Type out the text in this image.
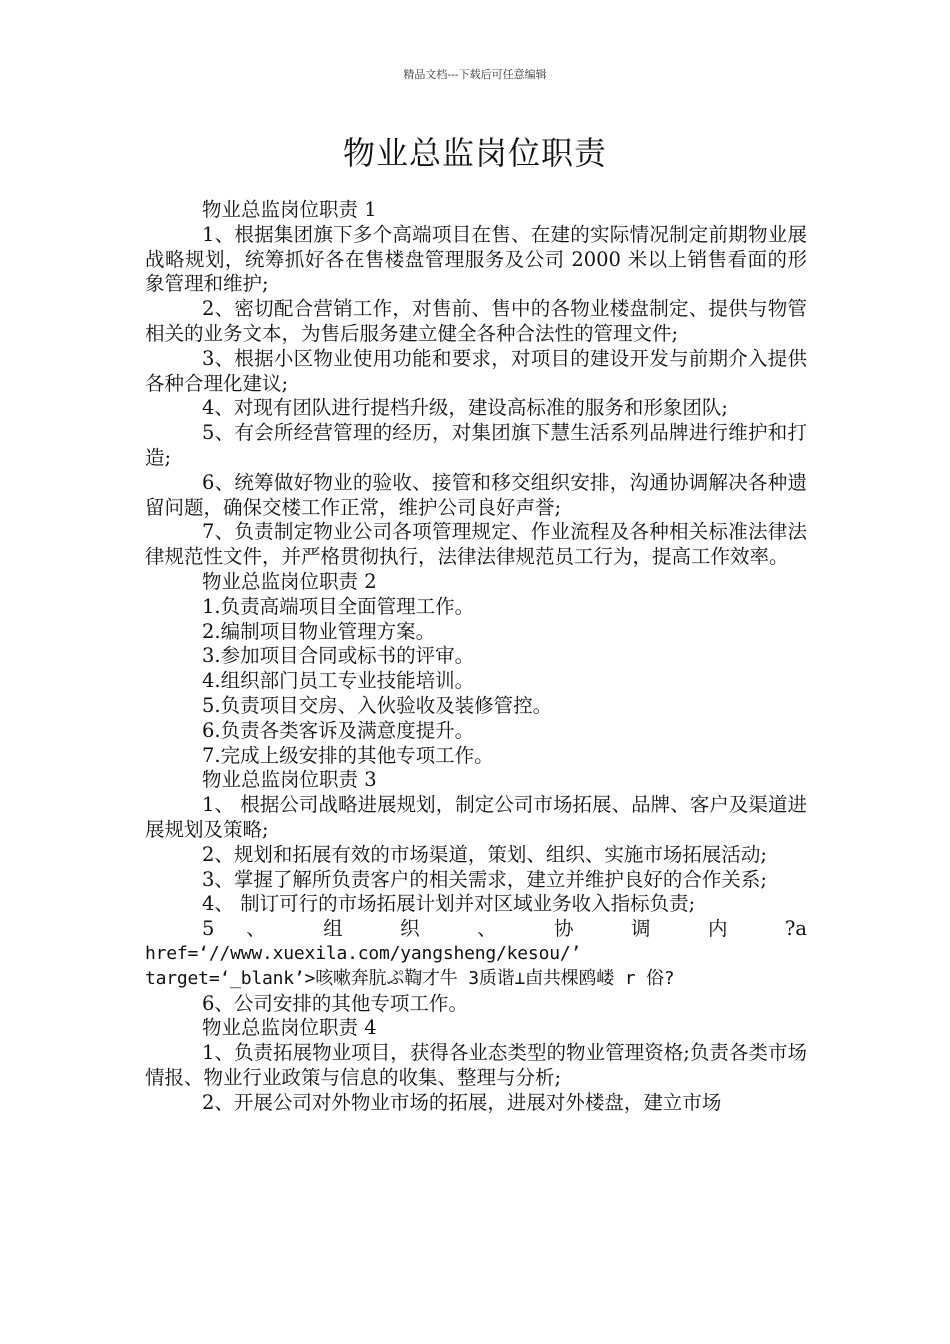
精品文档---下载后可任意编辑
物业总监岗位职责

物业总监岗位职责 1

1、根据集团旗下多个高端项目在售、在建的实际情况制定前期物业展战略规划，统筹抓好各在售楼盘管理服务及公司 2000 米以上销售看面的形象管理和维护;

2、密切配合营销工作，对售前、售中的各物业楼盘制定、提供与物管相关的业务文本，为售后服务建立健全各种合法性的管理文件;

3、根据小区物业使用功能和要求，对项目的建设开发与前期介入提供各种合理化建议;

4、对现有团队进行提档升级，建设高标准的服务和形象团队;

5、有会所经营管理的经历，对集团旗下慧生活系列品牌进行维护和打造;

6、统筹做好物业的验收、接管和移交组织安排，沟通协调解决各种遗留问题，确保交楼工作正常，维护公司良好声誉;

7、负责制定物业公司各项管理规定、作业流程及各种相关标准法律法律规范性文件，并严格贯彻执行，法律法律规范员工行为，提高工作效率。

物业总监岗位职责 2

1.负责高端项目全面管理工作。

2.编制项目物业管理方案。

3.参加项目合同或标书的评审。

4.组织部门员工专业技能培训。

5.负责项目交房、入伙验收及装修管控。

6.负责各类客诉及满意度提升。

7.完成上级安排的其他专项工作。

物业总监岗位职责 3

1、 根据公司战略进展规划，制定公司市场拓展、品牌、客户及渠道进展规划及策略;

2、规划和拓展有效的市场渠道，策划、组织、实施市场拓展活动;

3、掌握了解所负责客户的相关需求，建立并维护良好的合作关系;

4、 制订可行的市场拓展计划并对区域业务收入指标负责;

5 、 组 织 、 协 调 内 ?a

href=‘//www.xuexila.com/yangsheng/kesou/’

target=‘_blank’>咳嗽奔肮ぷ鞫才牛 3质谐⊥卣共棵鸥嵝 r 俗?

6、公司安排的其他专项工作。

物业总监岗位职责 4

1、负责拓展物业项目，获得各业态类型的物业管理资格;负责各类市场情报、物业行业政策与信息的收集、整理与分析;

2、开展公司对外物业市场的拓展，进展对外楼盘，建立市场
